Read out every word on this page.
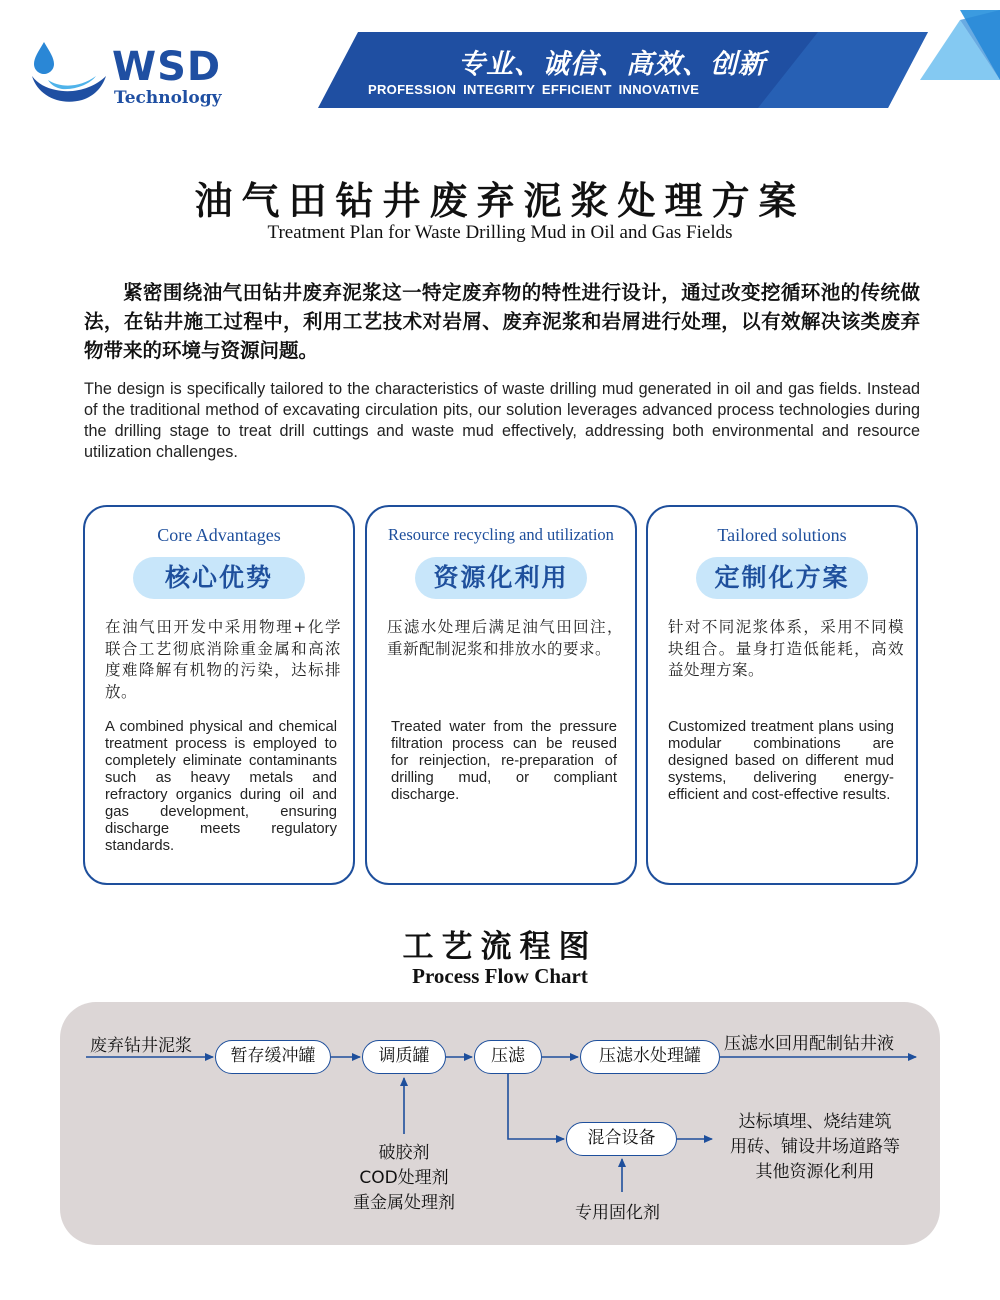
WSD
Technology
专业、诚信、高效、创新
PROFESSION INTEGRITY EFFICIENT INNOVATIVE
油气田钻井废弃泥浆处理方案
Treatment Plan for Waste Drilling Mud in Oil and Gas Fields
紧密围绕油气田钻井废弃泥浆这一特定废弃物的特性进行设计，通过改变挖循环池的传统做法，在钻井施工过程中，利用工艺技术对岩屑、废弃泥浆和岩屑进行处理，以有效解决该类废弃物带来的环境与资源问题。
The design is specifically tailored to the characteristics of waste drilling mud generated in oil and gas fields. Instead of the traditional method of excavating circulation pits, our solution leverages advanced process technologies during the drilling stage to treat drill cuttings and waste mud effectively, addressing both environmental and resource utilization challenges.
Core Advantages
核心优势
在油气田开发中采用物理+化学联合工艺彻底消除重金属和高浓度难降解有机物的污染，达标排放。
A combined physical and chemical treatment process is employed to completely eliminate contaminants such as heavy metals and refractory organics during oil and gas development, ensuring discharge meets regulatory standards.
Resource recycling and utilization
资源化利用
压滤水处理后满足油气田回注，重新配制泥浆和排放水的要求。
Treated water from the pressure filtration process can be reused for reinjection, re-preparation of drilling mud, or compliant discharge.
Tailored solutions
定制化方案
针对不同泥浆体系，采用不同模块组合。量身打造低能耗，高效益处理方案。
Customized treatment plans using modular combinations are designed based on different mud systems, delivering energy-efficient and cost-effective results.
工艺流程图
Process Flow Chart
废弃钻井泥浆	暂存缓冲罐	调质罐	压滤	压滤水处理罐
压滤水回用配制钻井液
混合设备
破胶剂
COD处理剂
重金属处理剂	专用固化剂
达标填埋、烧结建筑
用砖、铺设井场道路等
其他资源化利用
